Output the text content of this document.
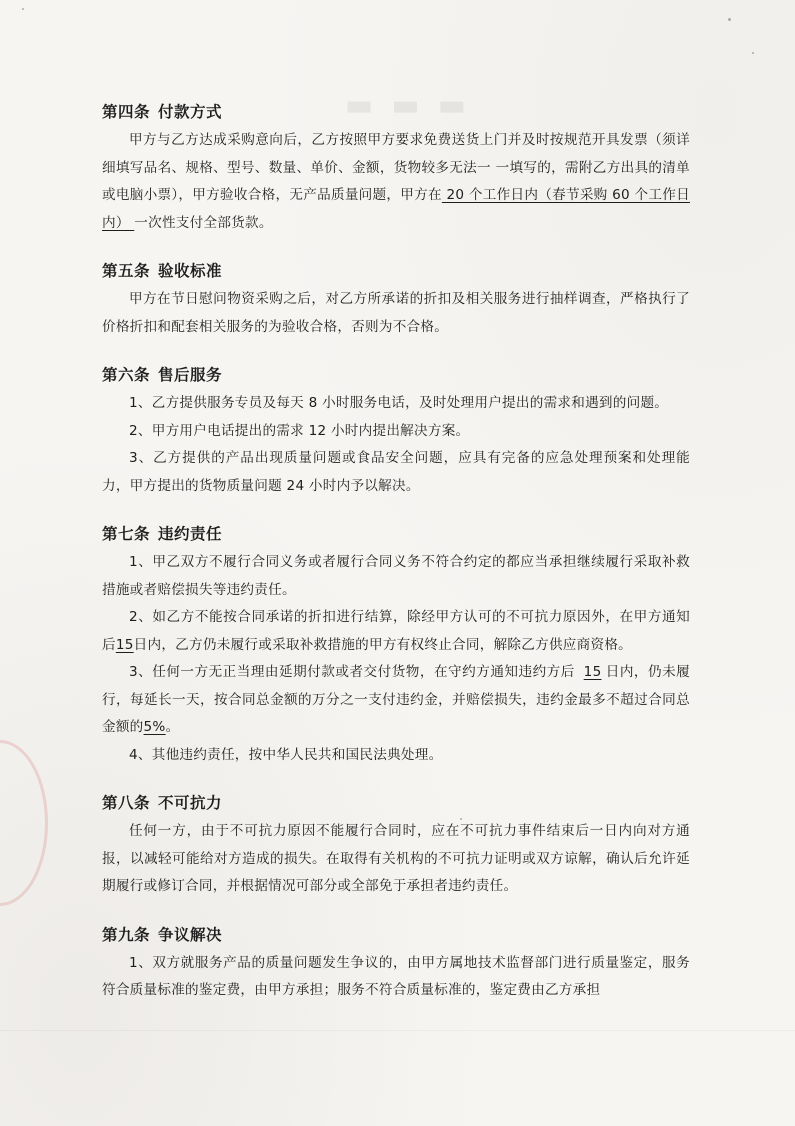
▬▬▬
第四条 付款方式

甲方与乙方达成采购意向后，乙方按照甲方要求免费送货上门并及时按规范开具发票（须详细填写品名、规格、型号、数量、单价、金额，货物较多无法一 一填写的，需附乙方出具的清单或电脑小票），甲方验收合格，无产品质量问题，甲方在 20 个工作日内（春节采购 60 个工作日内） 一次性支付全部货款。

第五条 验收标准

甲方在节日慰问物资采购之后，对乙方所承诺的折扣及相关服务进行抽样调查，严格执行了价格折扣和配套相关服务的为验收合格，否则为不合格。

第六条 售后服务

1、乙方提供服务专员及每天 8 小时服务电话，及时处理用户提出的需求和遇到的问题。

2、甲方用户电话提出的需求 12 小时内提出解决方案。

3、乙方提供的产品出现质量问题或食品安全问题，应具有完备的应急处理预案和处理能力，甲方提出的货物质量问题 24 小时内予以解决。

第七条 违约责任

1、甲乙双方不履行合同义务或者履行合同义务不符合约定的都应当承担继续履行采取补救措施或者赔偿损失等违约责任。

2、如乙方不能按合同承诺的折扣进行结算，除经甲方认可的不可抗力原因外，在甲方通知后15日内，乙方仍未履行或采取补救措施的甲方有权终止合同，解除乙方供应商资格。

3、任何一方无正当理由延期付款或者交付货物，在守约方通知违约方后 15 日内，仍未履行，每延长一天，按合同总金额的万分之一支付违约金，并赔偿损失，违约金最多不超过合同总金额的5%。

4、其他违约责任，按中华人民共和国民法典处理。

第八条 不可抗力

任何一方，由于不可抗力原因不能履行合同时，应在不可抗力事件结束后一日内向对方通报，以减轻可能给对方造成的损失。在取得有关机构的不可抗力证明或双方谅解，确认后允许延期履行或修订合同，并根据情况可部分或全部免于承担者违约责任。

第九条 争议解决

1、双方就服务产品的质量问题发生争议的，由甲方属地技术监督部门进行质量鉴定，服务符合质量标准的鉴定费，由甲方承担；服务不符合质量标准的，鉴定费由乙方承担
